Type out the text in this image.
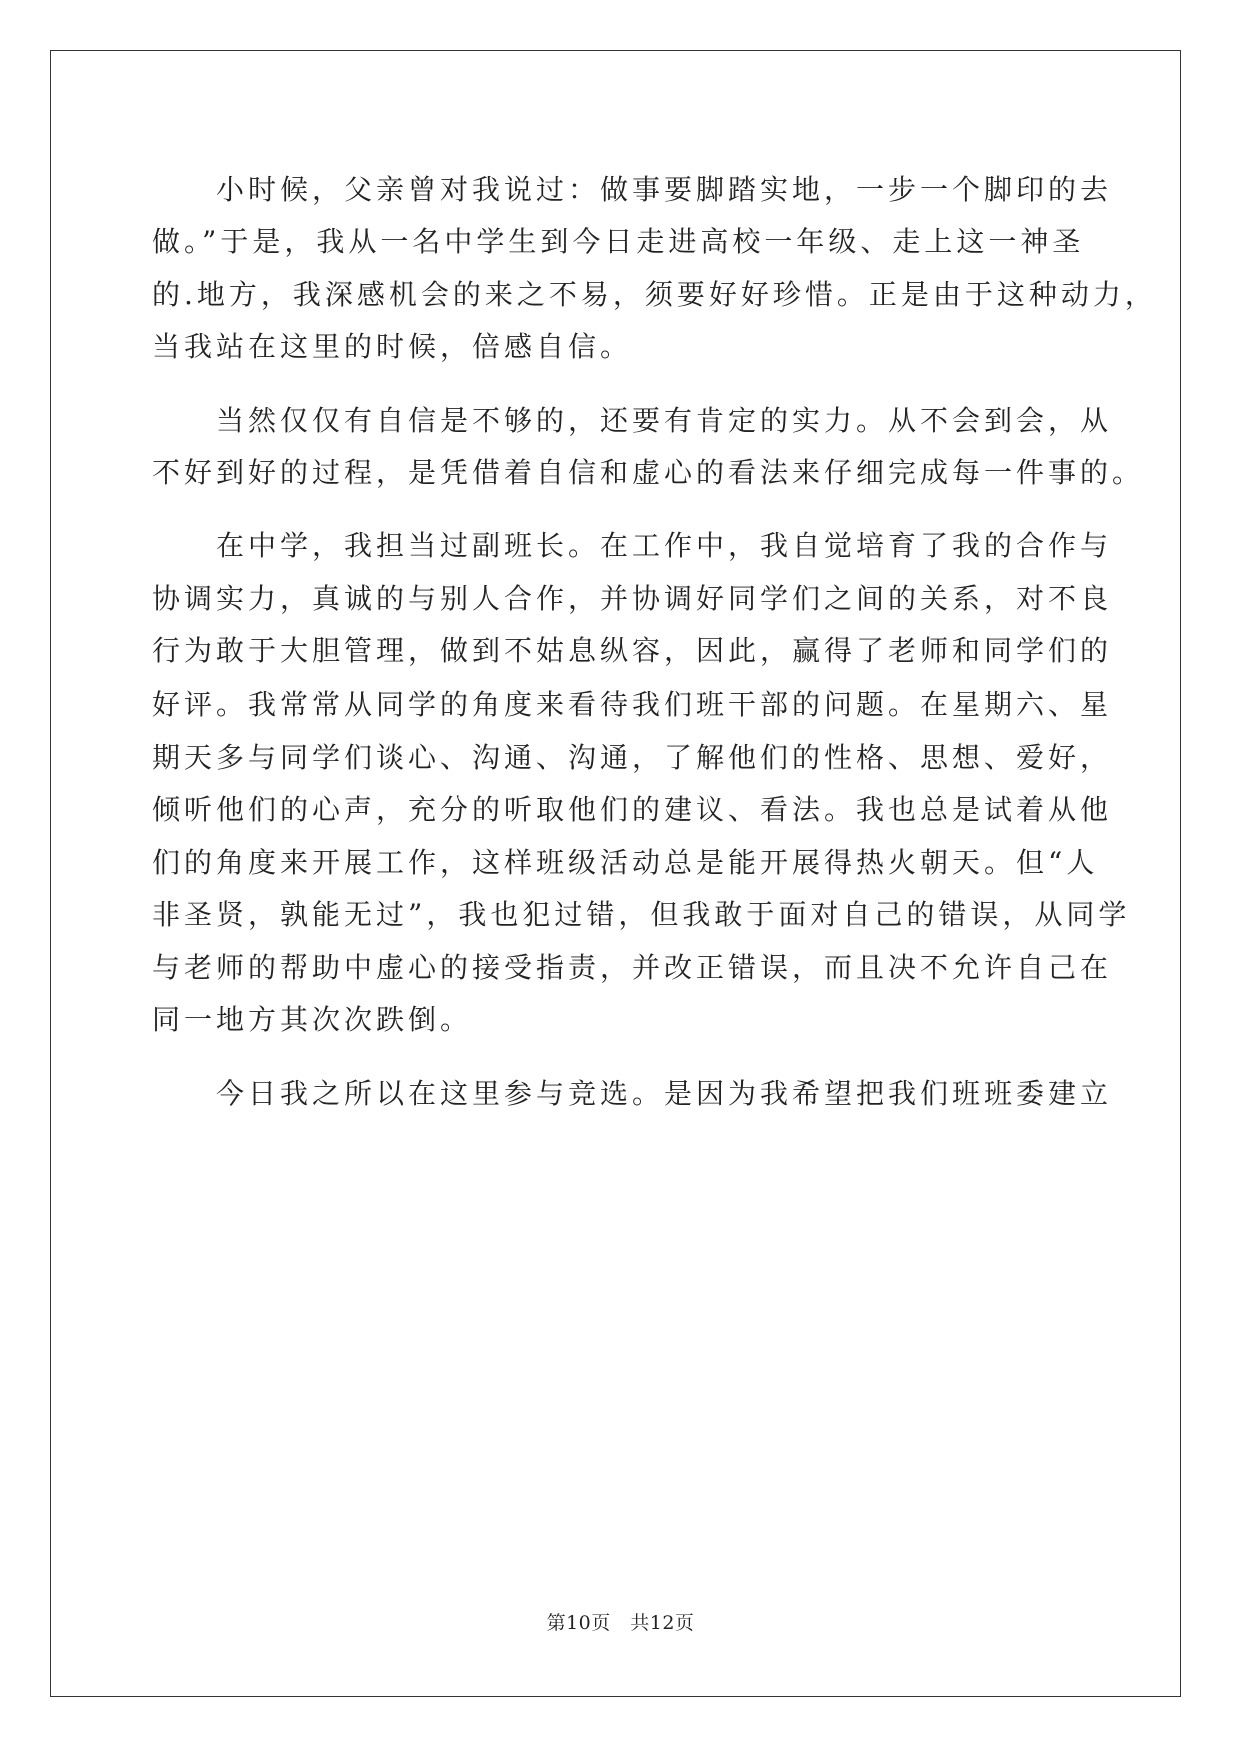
　　小时候，父亲曾对我说过：做事要脚踏实地，一步一个脚印的去
做。”于是，我从一名中学生到今日走进高校一年级、走上这一神圣
的.地方，我深感机会的来之不易，须要好好珍惜。正是由于这种动力，
当我站在这里的时候，倍感自信。
　　当然仅仅有自信是不够的，还要有肯定的实力。从不会到会，从
不好到好的过程，是凭借着自信和虚心的看法来仔细完成每一件事的。
　　在中学，我担当过副班长。在工作中，我自觉培育了我的合作与
协调实力，真诚的与别人合作，并协调好同学们之间的关系，对不良
行为敢于大胆管理，做到不姑息纵容，因此，赢得了老师和同学们的
好评。我常常从同学的角度来看待我们班干部的问题。在星期六、星
期天多与同学们谈心、沟通、沟通，了解他们的性格、思想、爱好，
倾听他们的心声，充分的听取他们的建议、看法。我也总是试着从他
们的角度来开展工作，这样班级活动总是能开展得热火朝天。但“人
非圣贤，孰能无过”，我也犯过错，但我敢于面对自己的错误，从同学
与老师的帮助中虚心的接受指责，并改正错误，而且决不允许自己在
同一地方其次次跌倒。
　　今日我之所以在这里参与竞选。是因为我希望把我们班班委建立
第10页　共12页
